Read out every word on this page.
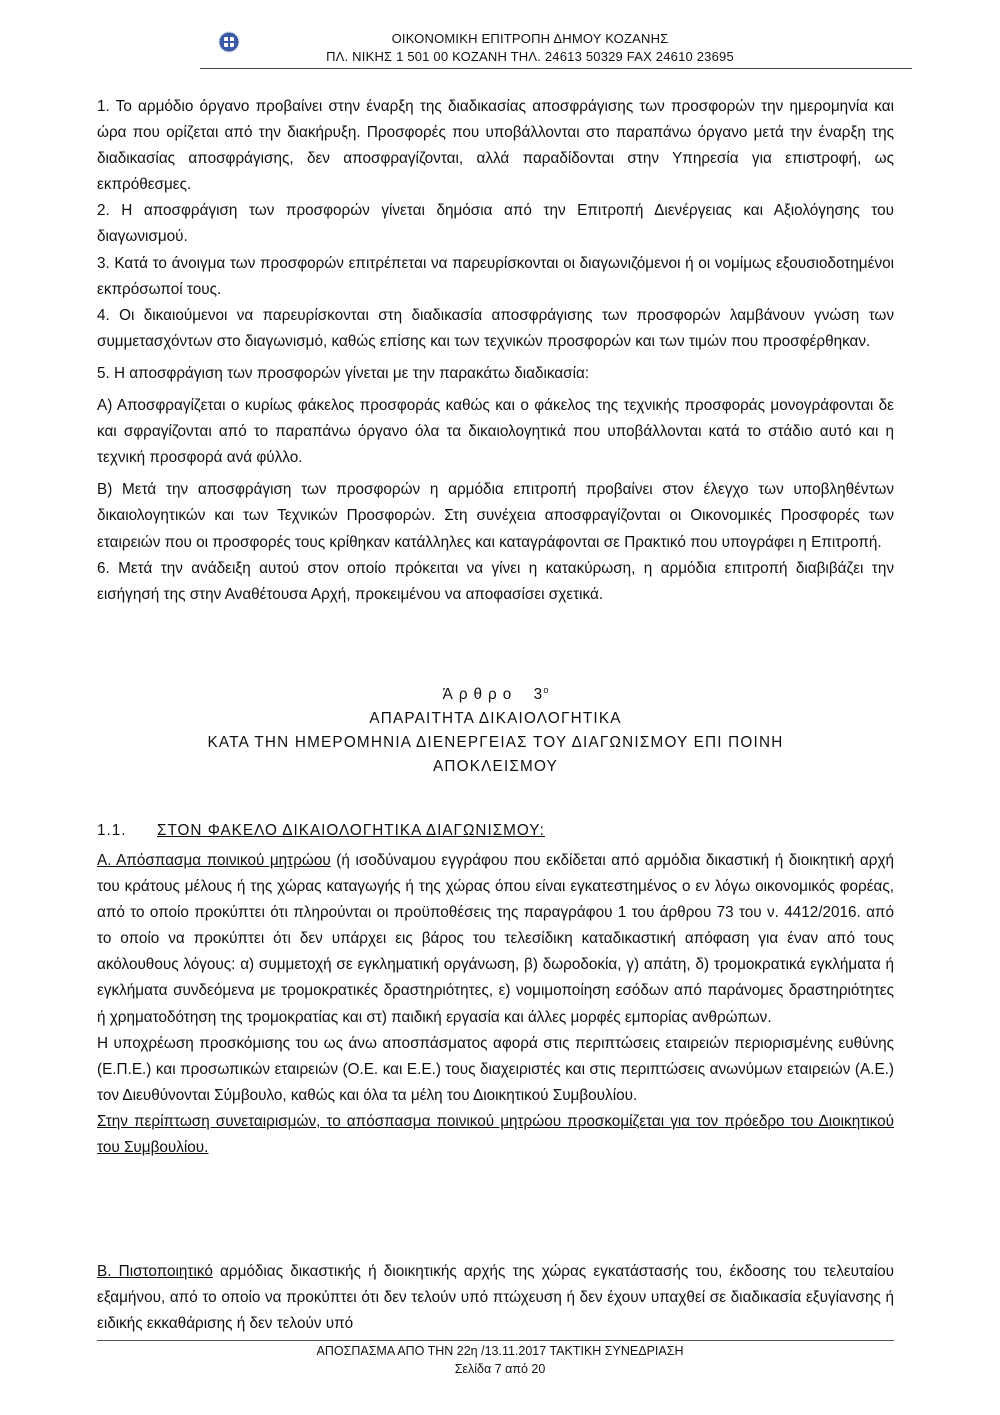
ΟΙΚΟΝΟΜΙΚΗ ΕΠΙΤΡΟΠΗ ΔΗΜΟΥ ΚΟΖΑΝΗΣ
ΠΛ. ΝΙΚΗΣ 1 501 00 ΚΟΖΑΝΗ ΤΗΛ. 24613 50329 FAX 24610 23695

1. Το αρμόδιο όργανο προβαίνει στην έναρξη της διαδικασίας αποσφράγισης των προσφορών την ημερομηνία και ώρα που ορίζεται από την διακήρυξη. Προσφορές που υποβάλλονται στο παραπάνω όργανο μετά την έναρξη της διαδικασίας αποσφράγισης, δεν αποσφραγίζονται, αλλά παραδίδονται στην Υπηρεσία για επιστροφή, ως εκπρόθεσμες.

2. Η αποσφράγιση των προσφορών γίνεται δημόσια από την Επιτροπή Διενέργειας και Αξιολόγησης του διαγωνισμού.

3. Κατά το άνοιγμα των προσφορών επιτρέπεται να παρευρίσκονται οι διαγωνιζόμενοι ή οι νομίμως εξουσιοδοτημένοι εκπρόσωποί τους.

4. Οι δικαιούμενοι να παρευρίσκονται στη διαδικασία αποσφράγισης των προσφορών λαμβάνουν γνώση των συμμετασχόντων στο διαγωνισμό, καθώς επίσης και των τεχνικών προσφορών και των τιμών που προσφέρθηκαν.

5. Η αποσφράγιση των προσφορών γίνεται με την παρακάτω διαδικασία:

Α) Αποσφραγίζεται ο κυρίως φάκελος προσφοράς καθώς και ο φάκελος της τεχνικής προσφοράς μονογράφονται δε και σφραγίζονται από το παραπάνω όργανο όλα τα δικαιολογητικά που υποβάλλονται κατά το στάδιο αυτό και η τεχνική προσφορά ανά φύλλο.

Β) Μετά την αποσφράγιση των προσφορών η αρμόδια επιτροπή προβαίνει στον έλεγχο των υποβληθέντων δικαιολογητικών και των Τεχνικών Προσφορών. Στη συνέχεια αποσφραγίζονται οι Οικονομικές Προσφορές των εταιρειών που οι προσφορές τους κρίθηκαν κατάλληλες και καταγράφονται σε Πρακτικό που υπογράφει η Επιτροπή.

6. Μετά την ανάδειξη αυτού στον οποίο πρόκειται να γίνει η κατακύρωση, η αρμόδια επιτροπή διαβιβάζει την εισήγησή της στην Αναθέτουσα Αρχή, προκειμένου να αποφασίσει σχετικά.

Άρθρο $3^o$
ΑΠΑΡΑΙΤΗΤΑ ΔΙΚΑΙΟΛΟΓΗΤΙΚΑ
ΚΑΤΑ ΤΗΝ ΗΜΕΡΟΜΗΝΙΑ ΔΙΕΝΕΡΓΕΙΑΣ ΤΟΥ ΔΙΑΓΩΝΙΣΜΟΥ ΕΠΙ ΠΟΙΝΗ
ΑΠΟΚΛΕΙΣΜΟΥ
1.1. ΣΤΟΝ ΦΑΚΕΛΟ ΔΙΚΑΙΟΛΟΓΗΤΙΚΑ ΔΙΑΓΩΝΙΣΜΟΥ:

Α. Απόσπασμα ποινικού μητρώου (ή ισοδύναμου εγγράφου που εκδίδεται από αρμόδια δικαστική ή διοικητική αρχή του κράτους μέλους ή της χώρας καταγωγής ή της χώρας όπου είναι εγκατεστημένος ο εν λόγω οικονομικός φορέας, από το οποίο προκύπτει ότι πληρούνται οι προϋποθέσεις της παραγράφου 1 του άρθρου 73 του ν. 4412/2016. από το οποίο να προκύπτει ότι δεν υπάρχει εις βάρος του τελεσίδικη καταδικαστική απόφαση για έναν από τους ακόλουθους λόγους: α) συμμετοχή σε εγκληματική οργάνωση, β) δωροδοκία, γ) απάτη, δ) τρομοκρατικά εγκλήματα ή εγκλήματα συνδεόμενα με τρομοκρατικές δραστηριότητες, ε) νομιμοποίηση εσόδων από παράνομες δραστηριότητες ή χρηματοδότηση της τρομοκρατίας και στ) παιδική εργασία και άλλες μορφές εμπορίας ανθρώπων.

Η υποχρέωση προσκόμισης του ως άνω αποσπάσματος αφορά στις περιπτώσεις εταιρειών περιορισμένης ευθύνης (Ε.Π.Ε.) και προσωπικών εταιρειών (Ο.Ε. και Ε.Ε.) τους διαχειριστές και στις περιπτώσεις ανωνύμων εταιρειών (Α.Ε.) τον Διευθύνονται Σύμβουλο, καθώς και όλα τα μέλη του Διοικητικού Συμβουλίου.

Στην περίπτωση συνεταιρισμών, το απόσπασμα ποινικού μητρώου προσκομίζεται για τον πρόεδρο του Διοικητικού του Συμβουλίου.

Β. Πιστοποιητικό αρμόδιας δικαστικής ή διοικητικής αρχής της χώρας εγκατάστασής του, έκδοσης του τελευταίου εξαμήνου, από το οποίο να προκύπτει ότι δεν τελούν υπό πτώχευση ή δεν έχουν υπαχθεί σε διαδικασία εξυγίανσης ή ειδικής εκκαθάρισης ή δεν τελούν υπό

ΑΠΟΣΠΑΣΜΑ ΑΠΟ ΤΗΝ 22η /13.11.2017 ΤΑΚΤΙΚΗ ΣΥΝΕΔΡΙΑΣΗ
Σελίδα 7 από 20
